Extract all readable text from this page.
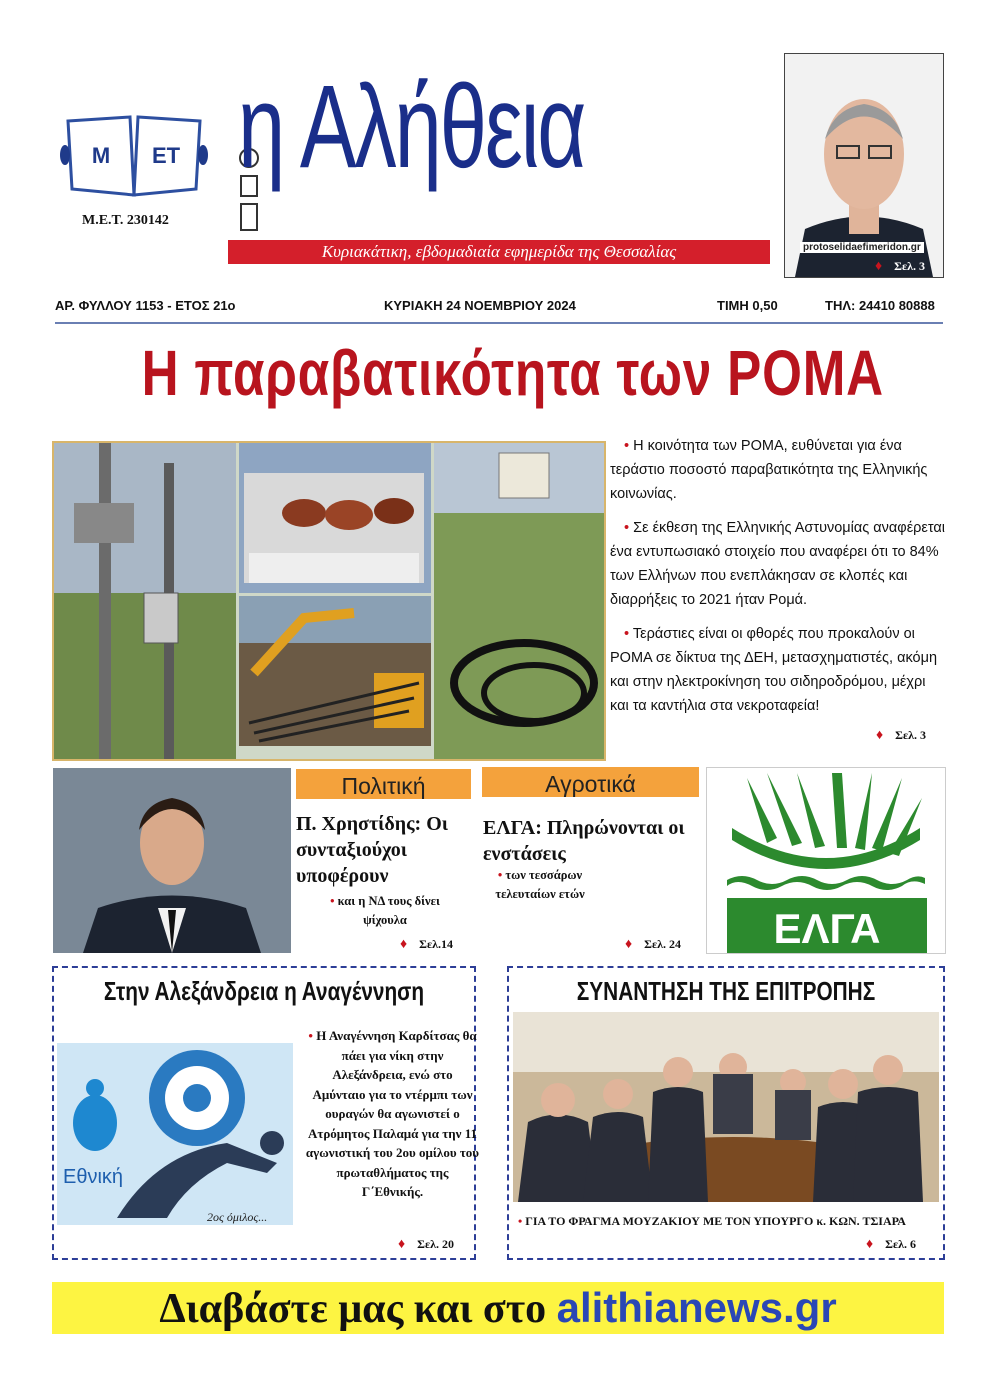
Μ ΕΤ
Μ.Ε.Τ. 230142
η Αλήθεια
Κυριακάτικη, εβδομαδιαία εφημερίδα της Θεσσαλίας	protoselidaefimeridon.gr
♦ Σελ. 3
ΑΡ. ΦΥΛΛΟΥ 1153 - ΕΤΟΣ 21ο	ΚΥΡΙΑΚΗ 24 ΝΟΕΜΒΡΙΟΥ 2024	ΤΙΜΗ 0,50	ΤΗΛ: 24410 80888
Η παραβατικότητα των ΡΟΜΑ

• Η κοινότητα των ΡΟΜΑ, ευθύνεται για ένα τεράστιο ποσοστό παραβατικότητα της Ελληνικής κοινωνίας.

• Σε έκθεση της Ελληνικής Αστυνομίας αναφέρεται ένα εντυπωσιακό στοιχείο που αναφέρει ότι το 84% των Ελλήνων που ενεπλάκησαν σε κλοπές και διαρρήξεις το 2021 ήταν Ρομά.

• Τεράστιες είναι οι φθορές που προκαλούν οι ΡΟΜΑ σε δίκτυα της ΔΕΗ, μετασχηματιστές, ακόμη και στην ηλεκτροκίνηση του σιδηροδρόμου, μέχρι και τα καντήλια στα νεκροταφεία!

♦ Σελ. 3
Πολιτική
Π. Χρηστίδης: Οι συνταξιούχοι υποφέρουν
• και η ΝΔ τους δίνει ψίχουλα
♦ Σελ.14
Αγροτικά
ΕΛΓΑ: Πληρώνονται οι ενστάσεις
• των τεσσάρων τελευταίων ετών
♦ Σελ. 24 ΕΛΓΑ
Στην Αλεξάνδρεια η Αναγέννηση
Εθνική
2ος όμιλος...
• Η Αναγέννηση Καρδίτσας θα πάει για νίκη στην Αλεξάνδρεια, ενώ στο Αμύνταιο για το ντέρμπι των ουραγών θα αγωνιστεί ο Ατρόμητος Παλαμά για την 11 αγωνιστική του 2ου ομίλου του πρωταθλήματος της Γ΄Εθνικής.
♦ Σελ. 20
ΣΥΝΑΝΤΗΣΗ ΤΗΣ ΕΠΙΤΡΟΠΗΣ
• ΓΙΑ ΤΟ ΦΡΑΓΜΑ ΜΟΥΖΑΚΙΟΥ ΜΕ ΤΟΝ ΥΠΟΥΡΓΟ κ. ΚΩΝ. ΤΣΙΑΡΑ
♦ Σελ. 6
Διαβάστε μας και στο alithianews.gr
